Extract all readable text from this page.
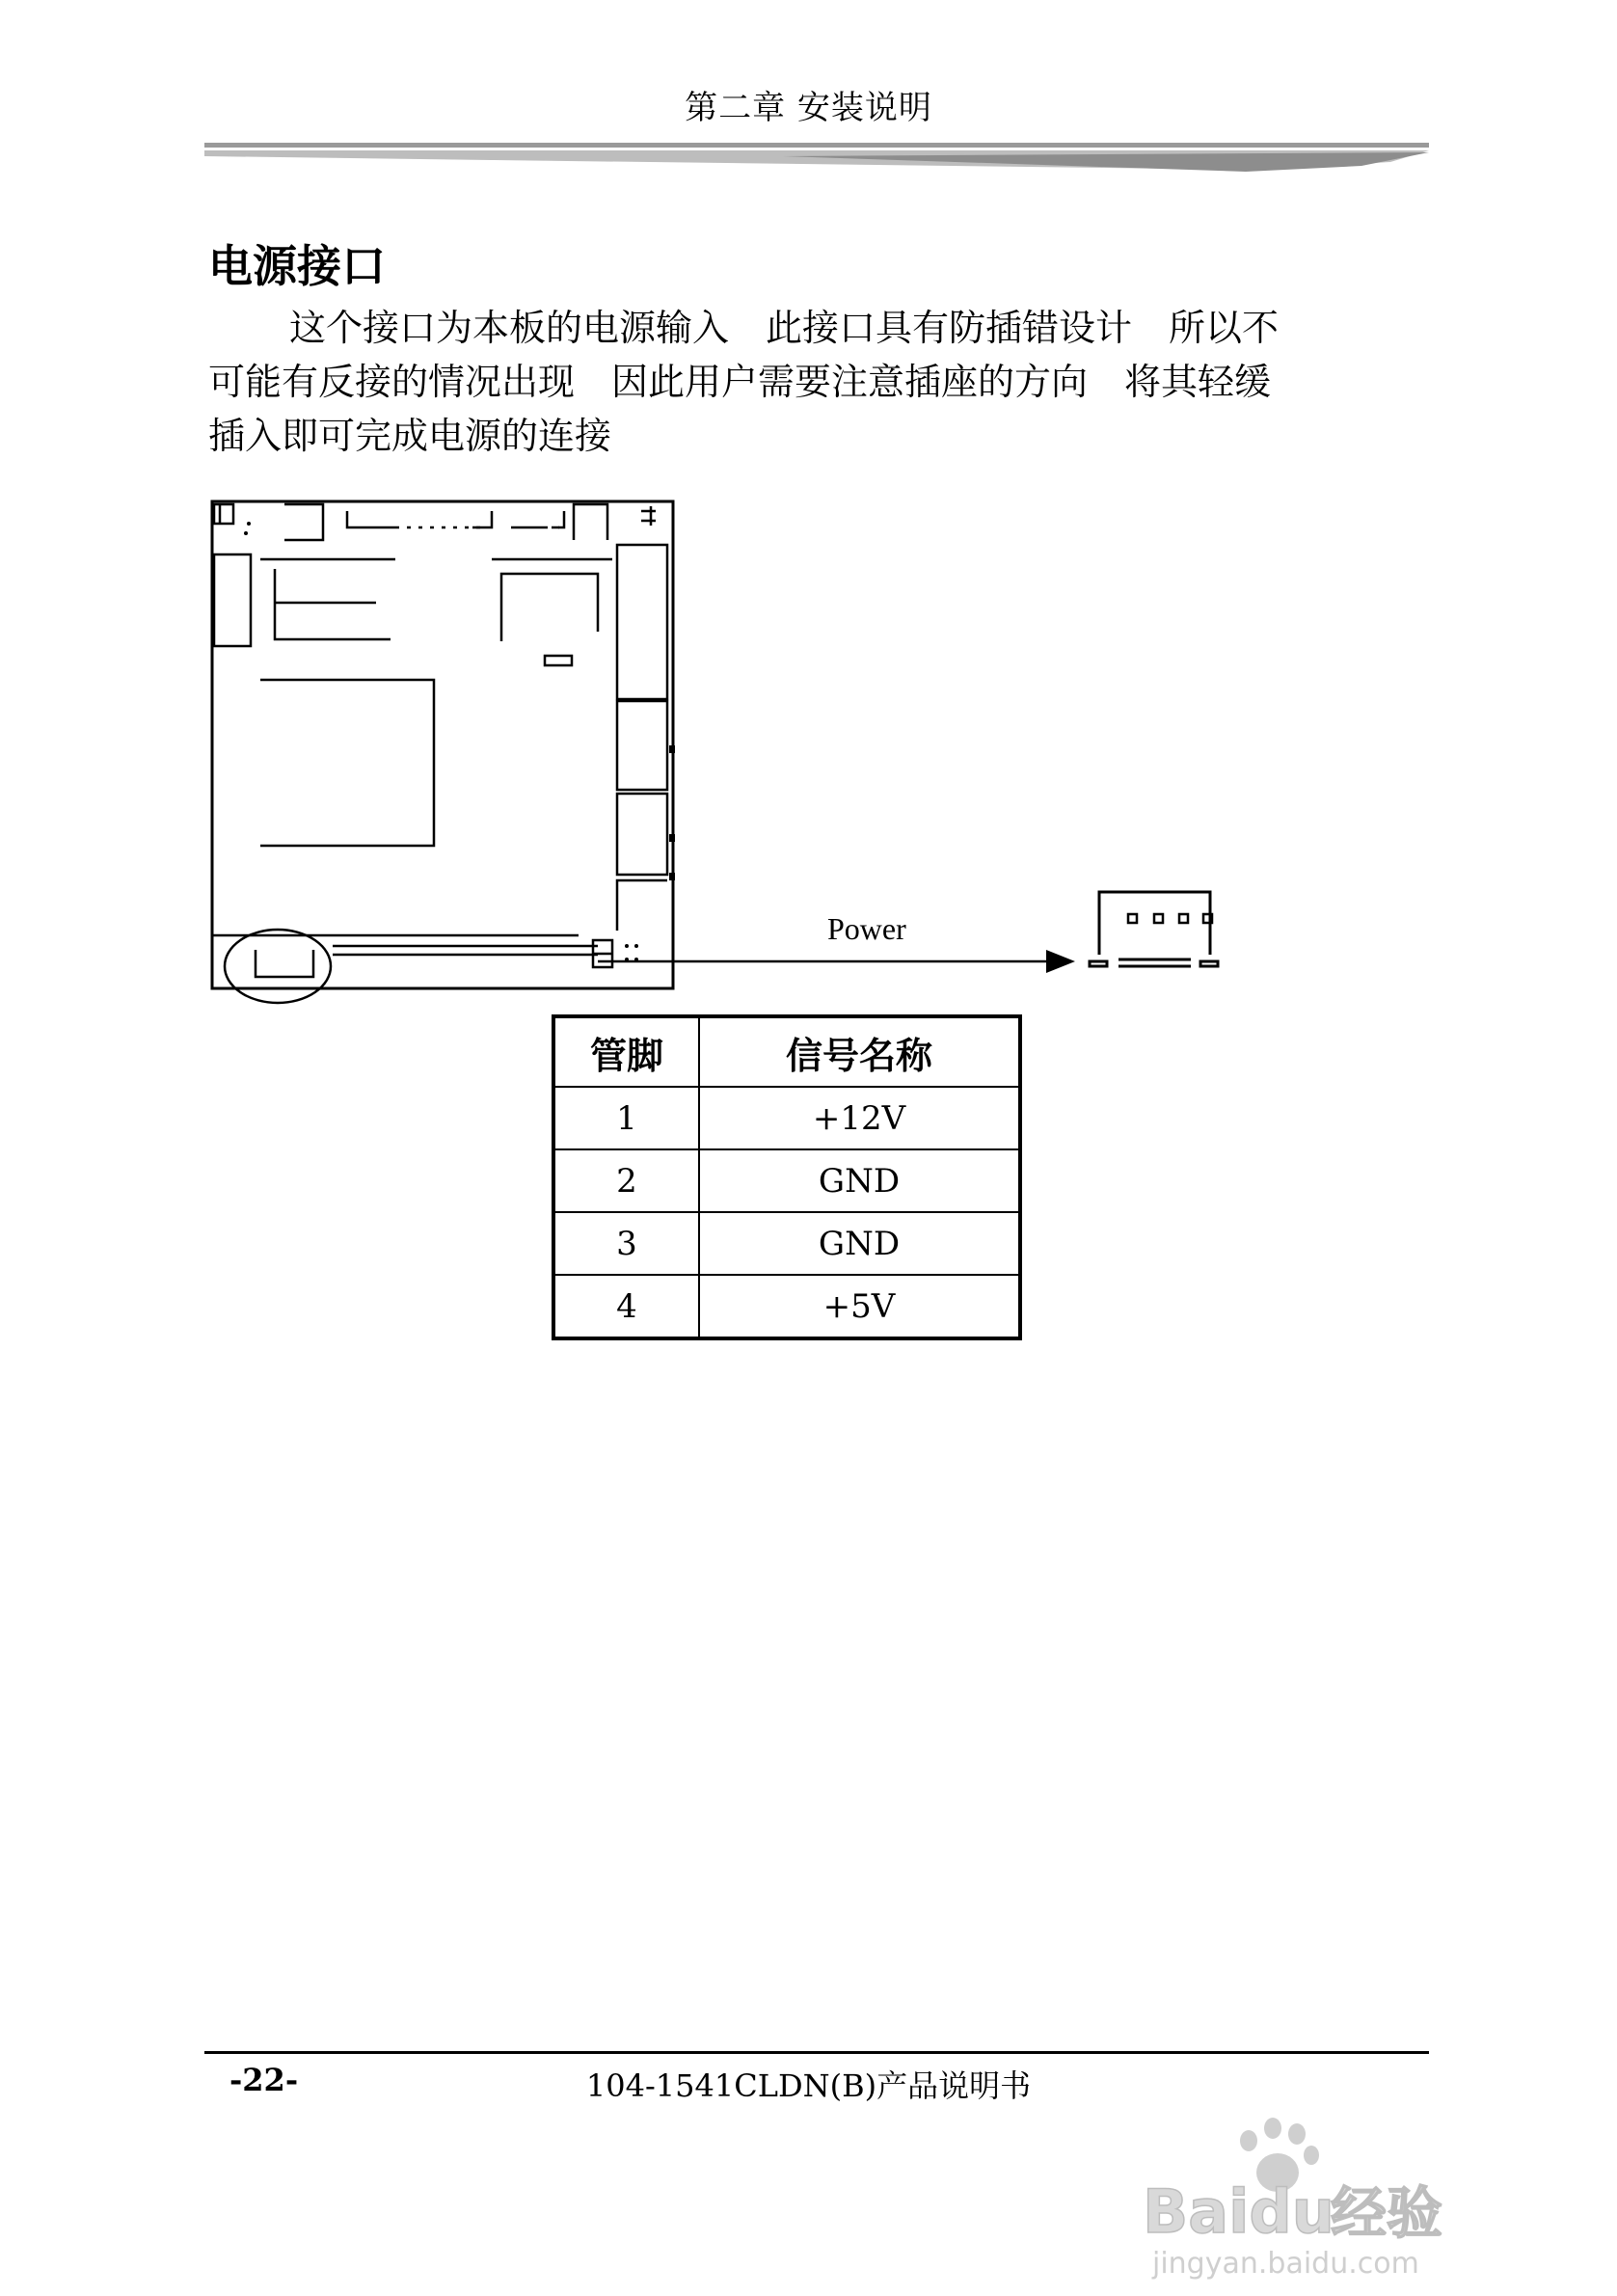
第二章 安装说明
电源接口
这个接口为本板的电源输入　此接口具有防插错设计　所以不
可能有反接的情况出现　因此用户需要注意插座的方向　将其轻缓
插入即可完成电源的连接
Power
管脚	信号名称
1	+12V
2	GND
3	GND
4	+5V
-22-	104-1541CLDN(B)产品说明书
Baidu
经验
jingyan.baidu.com
